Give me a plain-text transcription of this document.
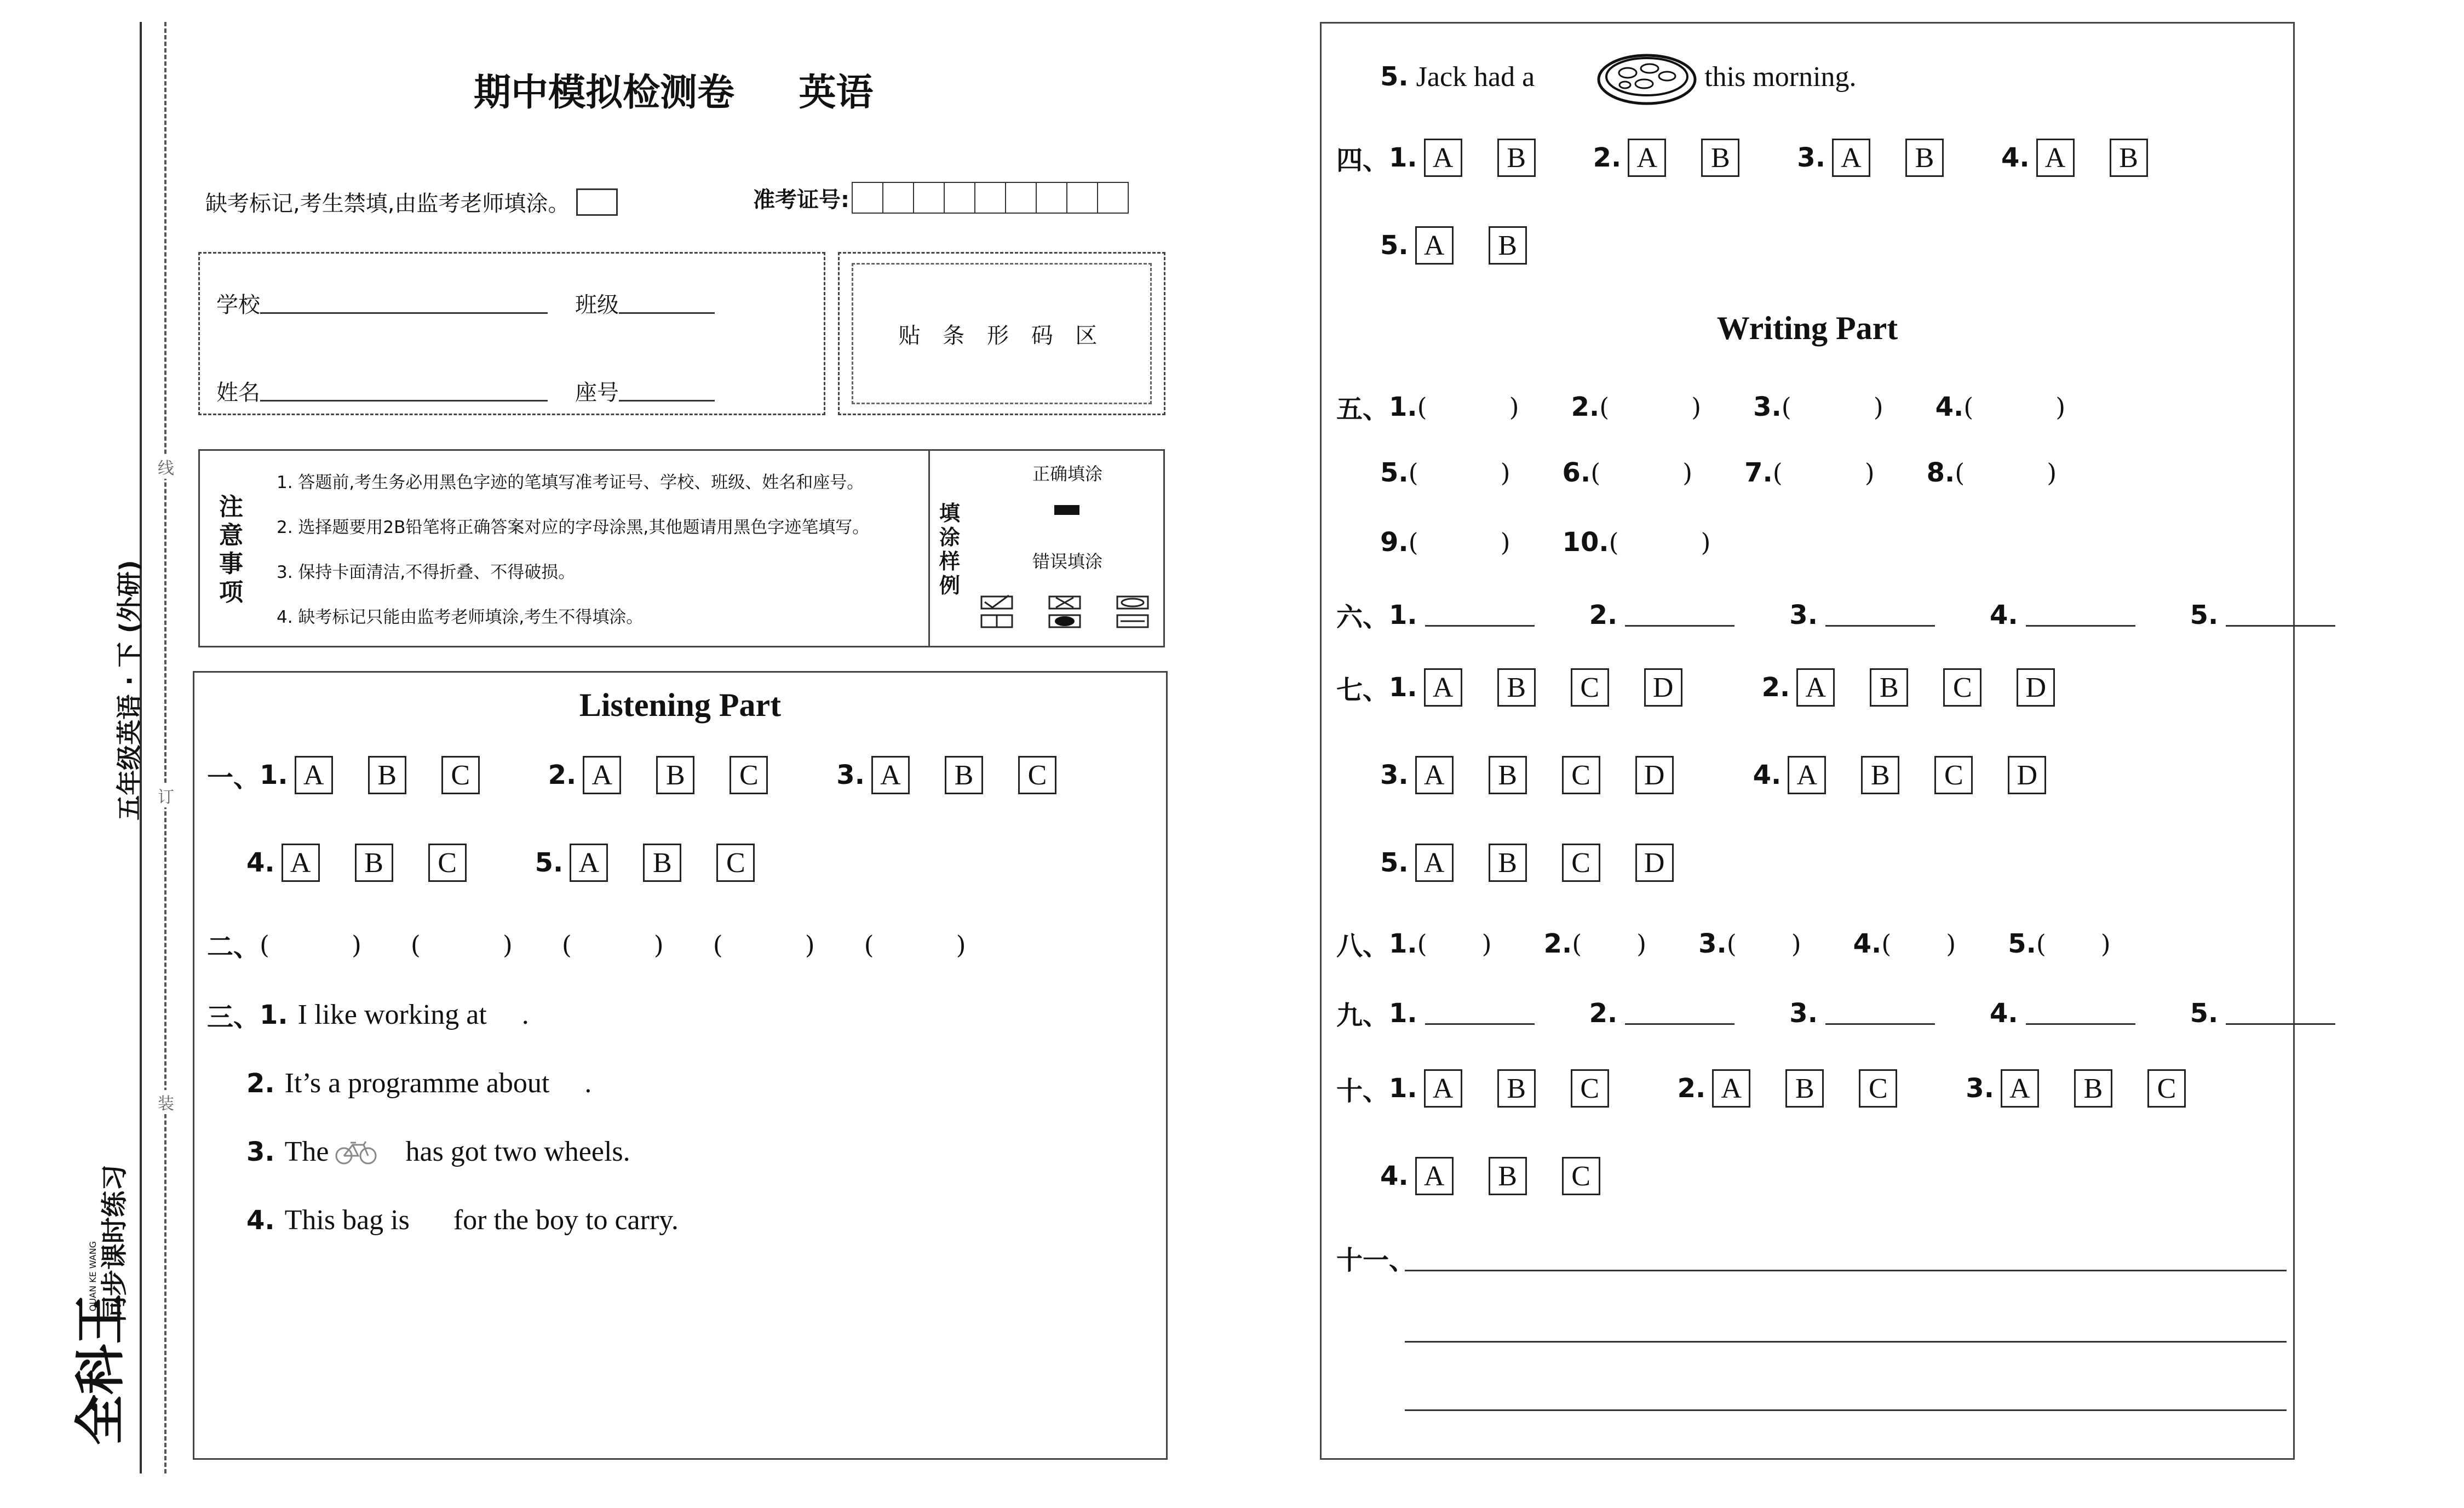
线
订
装
五年级英语 · 下 (外研)
全科王
同步课时练习
QUAN KE WANG
期中模拟检测卷 英语
缺考标记,考生禁填,由监考老师填涂。	准考证号:
学校	班级
姓名	座号
贴 条 形 码 区
注意事项
1. 答题前,考生务必用黑色字迹的笔填写准考证号、学校、班级、姓名和座号。
2. 选择题要用2B铅笔将正确答案对应的字母涂黑,其他题请用黑色字迹笔填写。
3. 保持卡面清洁,不得折叠、不得破损。
4. 缺考标记只能由监考老师填涂,考生不得填涂。
填涂样例
正确填涂
错误填涂
Listening Part
一、 1. A	B	C	2. A	B	C	3. A	B	C
4. A	B	C	5. A	B	C
二、 (	) (	) (	) (	) (	)
三、 1. I like working at .
2. It’s a programme about .
3. The	has got two wheels.
4. This bag is for the boy to carry.
5. Jack had a	this morning.
四、 1. A	B	2. A	B	3. A	B	4. A	B
5. A	B
Writing Part
五、 1. (	) 2. (	) 3. (	) 4. (	)
5. (	) 6. (	) 7. (	) 8. (	)
9. (	) 10. (	)
六、 1.	2.	3.	4.	5.
七、 1. A	B	C	D	2. A	B	C	D
3. A	B	C	D	4. A	B	C	D
5. A	B	C	D
八、 1. ( ) 2. ( ) 3. ( ) 4. ( ) 5. ( )
九、 1.	2.	3.	4.	5.
十、 1. A	B	C	2. A	B	C	3. A	B	C
4. A	B	C
十一、
